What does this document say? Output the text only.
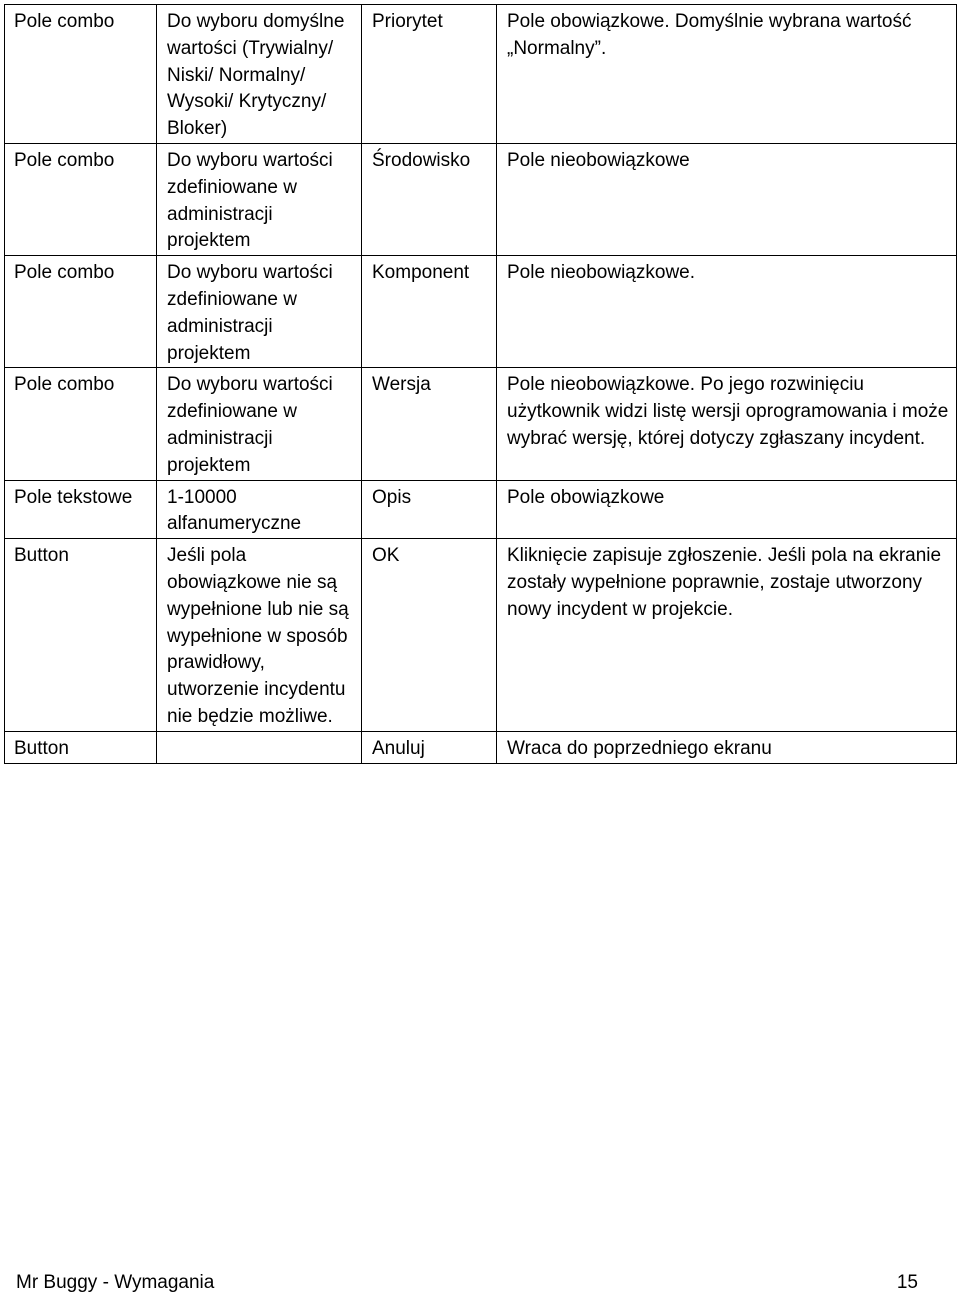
Pole combo	Do wyboru domyślne wartości (Trywialny/ Niski/ Normalny/ Wysoki/ Krytyczny/ Bloker)	Priorytet	Pole obowiązkowe. Domyślnie wybrana wartość „Normalny”.
Pole combo	Do wyboru wartości zdefiniowane w administracji projektem	Środowisko	Pole nieobowiązkowe
Pole combo	Do wyboru wartości zdefiniowane w administracji projektem	Komponent	Pole nieobowiązkowe.
Pole combo	Do wyboru wartości zdefiniowane w administracji projektem	Wersja	Pole nieobowiązkowe. Po jego rozwinięciu użytkownik widzi listę wersji oprogramowania i może wybrać wersję, której dotyczy zgłaszany incydent.
Pole tekstowe	1-10000 alfanumeryczne	Opis	Pole obowiązkowe
Button	Jeśli pola obowiązkowe nie są wypełnione lub nie są wypełnione w sposób prawidłowy, utworzenie incydentu nie będzie możliwe.	OK	Kliknięcie zapisuje zgłoszenie. Jeśli pola na ekranie zostały wypełnione poprawnie, zostaje utworzony nowy incydent w projekcie.
Button		Anuluj	Wraca do poprzedniego ekranu
Mr Buggy - Wymagania	15
